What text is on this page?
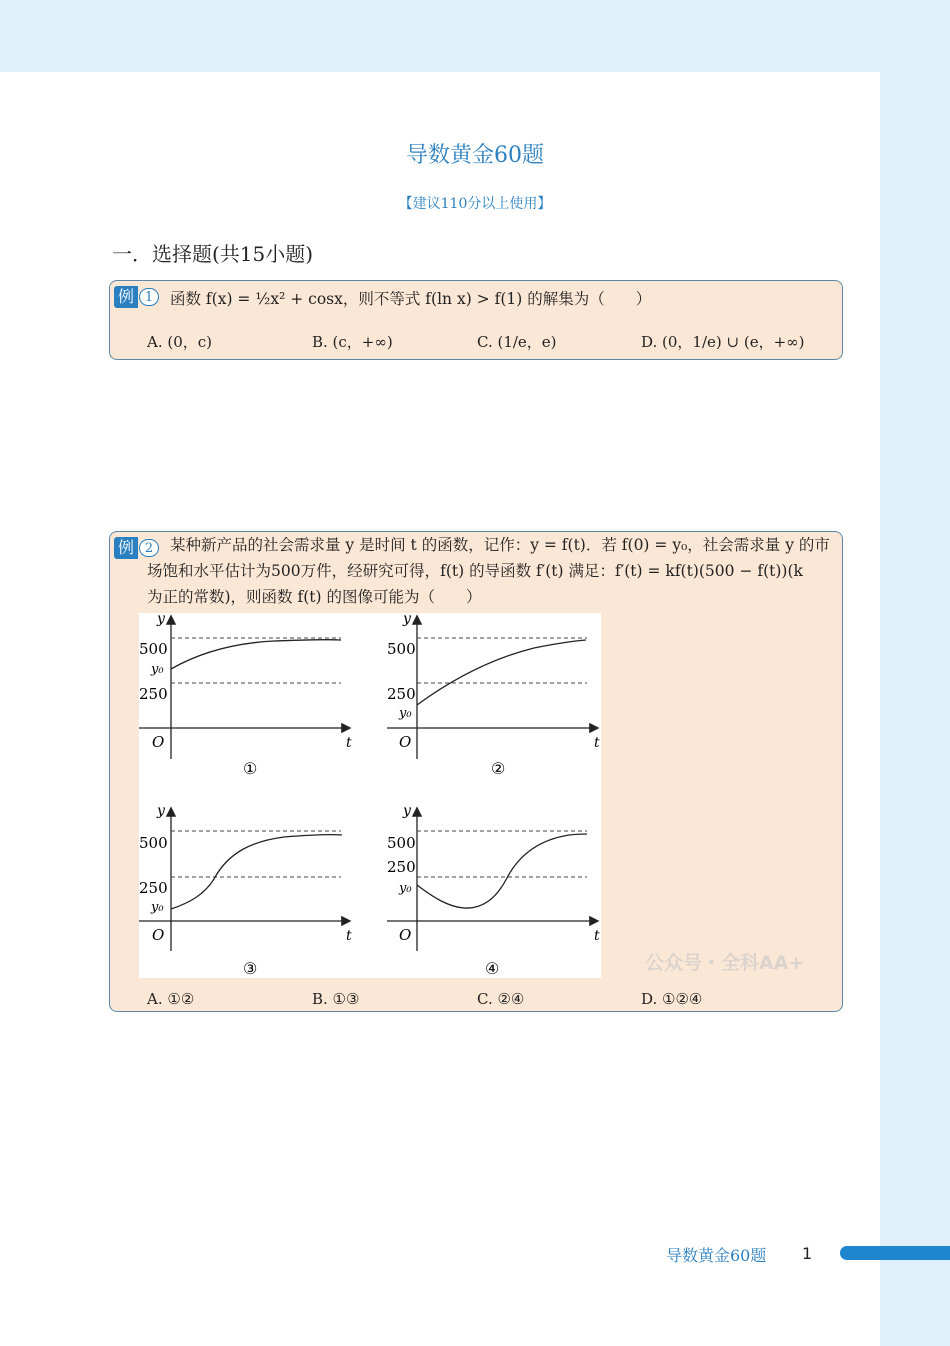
导数黄金60题
【建议110分以上使用】
一．选择题(共15小题)
例 1	函数 f(x) = ½x² + cosx，则不等式 f(ln x) > f(1) 的解集为（　　）
A. (0，c)	B. (c，+∞)	C. (1/e，e)	D. (0，1/e) ∪ (e，+∞)
例 2	某种新产品的社会需求量 y 是时间 t 的函数，记作：y = f(t)．若 f(0) = y₀，社会需求量 y 的市
场饱和水平估计为500万件，经研究可得，f(t) 的导函数 f′(t) 满足：f′(t) = kf(t)(500 − f(t))(k
为正的常数)，则函数 f(t) 的图像可能为（　　）
A. ①②	B. ①③	C. ②④	D. ①②④
y
500
y₀
250
O	t
①
y
500
250
y₀
O	t
②
y
500
250
y₀
O	t
③
y
500
250
y₀
O	t
④	公众号・全科AA+
导数黄金60题 1
